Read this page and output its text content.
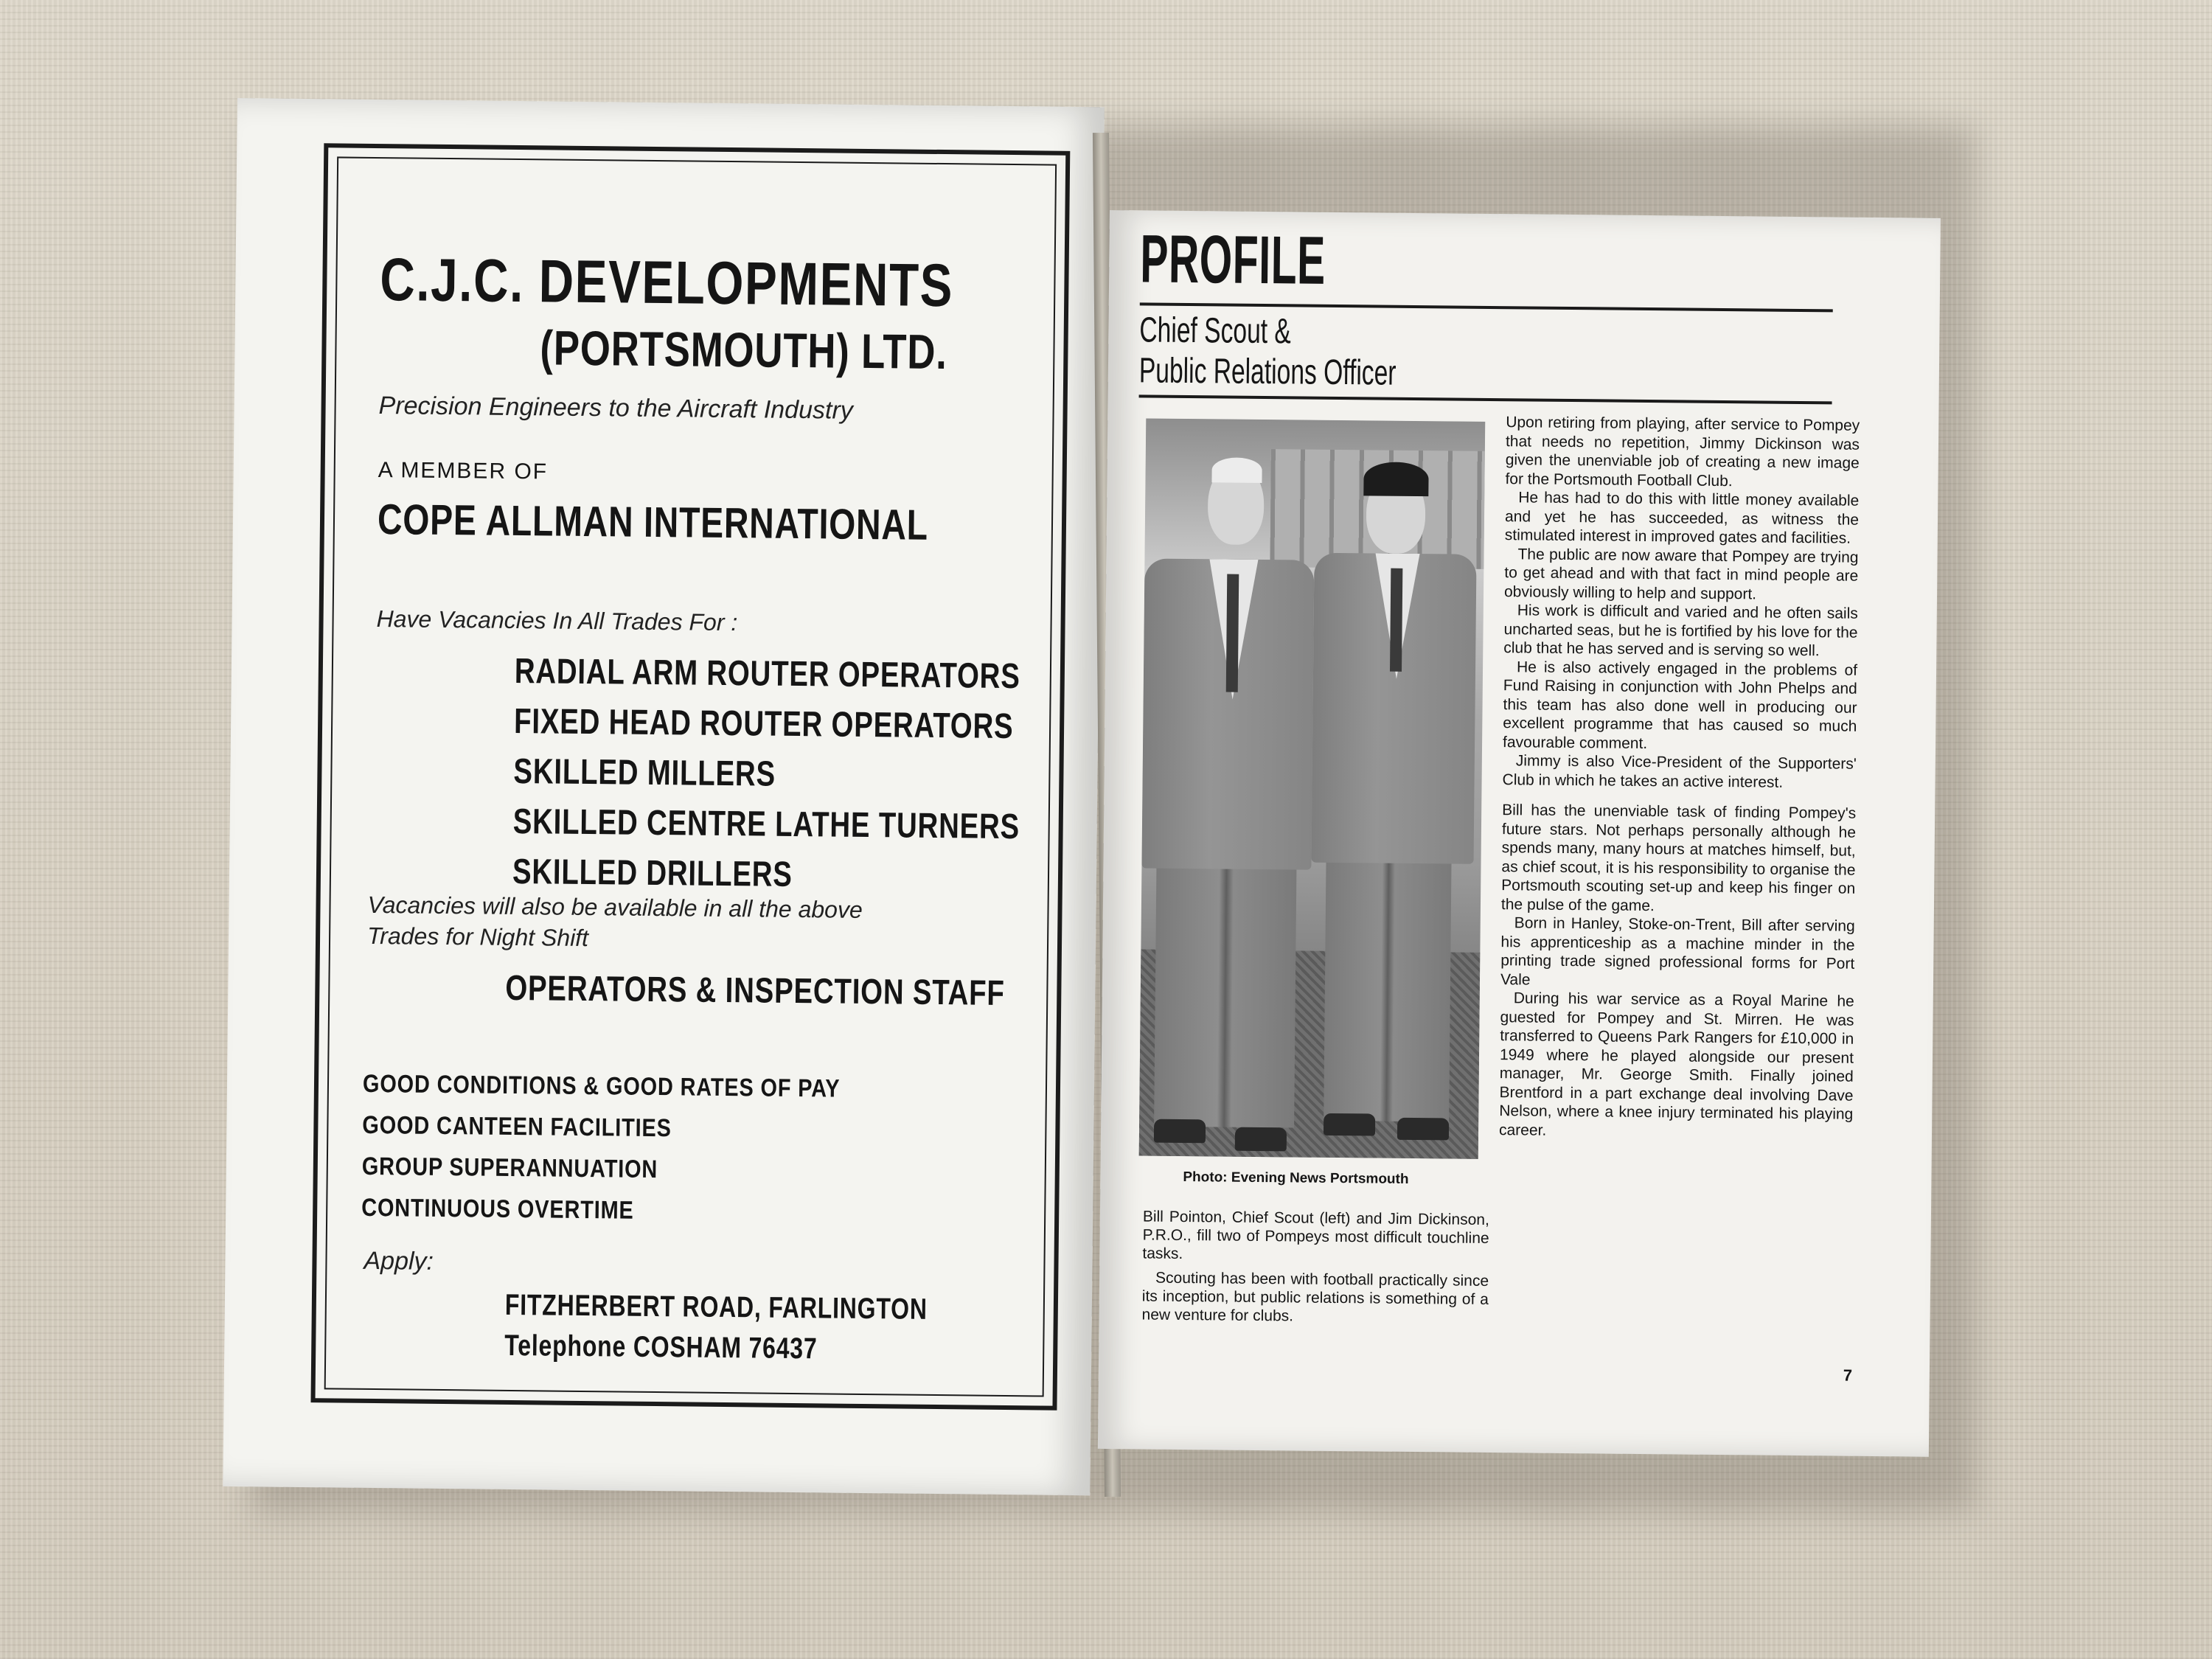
C.J.C. DEVELOPMENTS
(PORTSMOUTH) LTD.
Precision Engineers to the Aircraft Industry
A MEMBER OF
COPE ALLMAN INTERNATIONAL
Have Vacancies In All Trades For :
RADIAL ARM ROUTER OPERATORS
FIXED HEAD ROUTER OPERATORS
SKILLED MILLERS
SKILLED CENTRE LATHE TURNERS
SKILLED DRILLERS
Vacancies will also be available in all the above
Trades for Night Shift
OPERATORS & INSPECTION STAFF
GOOD CONDITIONS & GOOD RATES OF PAY
GOOD CANTEEN FACILITIES
GROUP SUPERANNUATION
CONTINUOUS OVERTIME
Apply:
FITZHERBERT ROAD, FARLINGTON
Telephone COSHAM 76437
PROFILE
Chief Scout &
Public Relations Officer
Photo: Evening News Portsmouth

Bill Pointon, Chief Scout (left) and Jim Dickinson, P.R.O., fill two of Pompeys most difficult touchline tasks.

Scouting has been with football practically since its inception, but public relations is something of a new venture for clubs.

Upon retiring from playing, after service to Pompey that needs no repetition, Jimmy Dickinson was given the unenviable job of creating a new image for the Portsmouth Football Club.

He has had to do this with little money available and yet he has succeeded, as witness the stimulated interest in improved gates and facilities.

The public are now aware that Pompey are trying to get ahead and with that fact in mind people are obviously willing to help and support.

His work is difficult and varied and he often sails uncharted seas, but he is fortified by his love for the club that he has served and is serving so well.

He is also actively engaged in the problems of Fund Raising in conjunction with John Phelps and this team has also done well in producing our excellent programme that has caused so much favourable comment.

Jimmy is also Vice-President of the Supporters' Club in which he takes an active interest.

Bill has the unenviable task of finding Pompey's future stars. Not perhaps personally although he spends many, many hours at matches himself, but, as chief scout, it is his responsibility to organise the Portsmouth scouting set-up and keep his finger on the pulse of the game.

Born in Hanley, Stoke-on-Trent, Bill after serving his apprenticeship as a machine minder in the printing trade signed professional forms for Port Vale

During his war service as a Royal Marine he guested for Pompey and St. Mirren. He was transferred to Queens Park Rangers for £10,000 in 1949 where he played alongside our present manager, Mr. George Smith. Finally joined Brentford in a part exchange deal involving Dave Nelson, where a knee injury terminated his playing career.

7
